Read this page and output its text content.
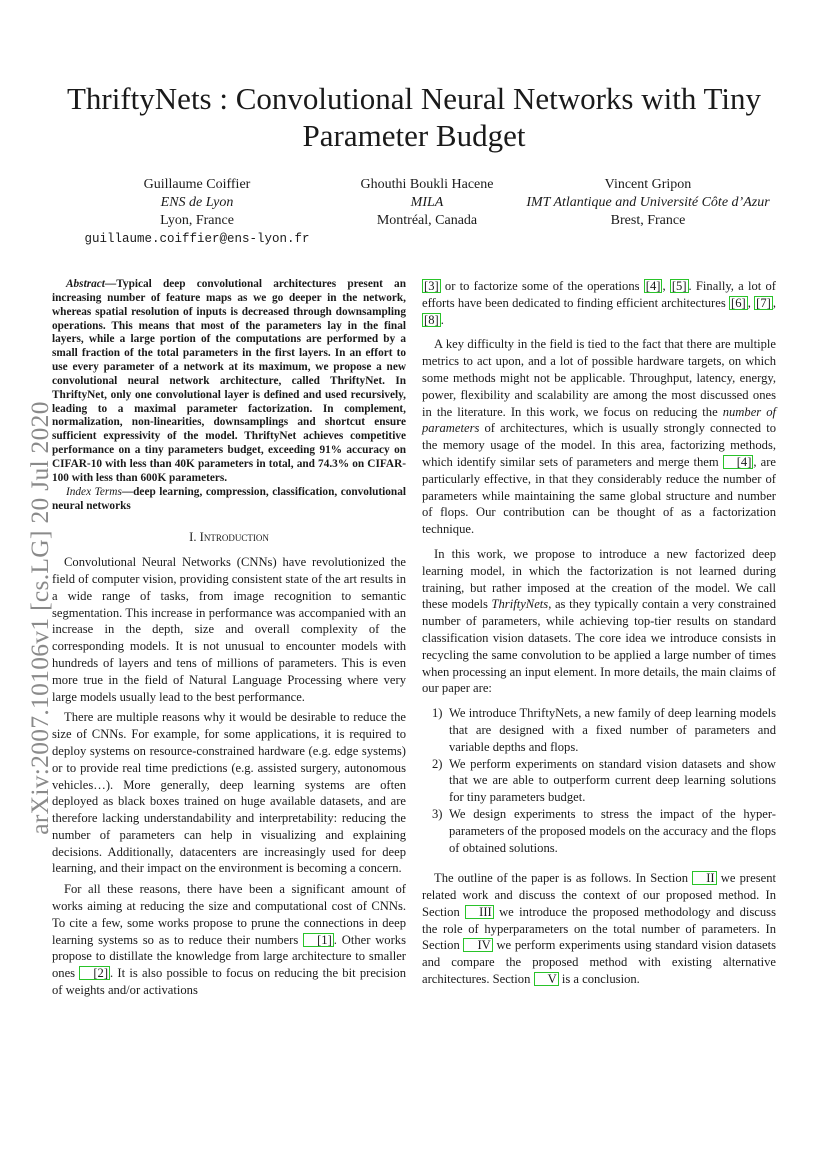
ThriftyNets : Convolutional Neural Networks with Tiny Parameter Budget
Guillaume Coiffier
ENS de Lyon
Lyon, France
guillaume.coiffier@ens-lyon.fr
Ghouthi Boukli Hacene
MILA
Montréal, Canada
Vincent Gripon
IMT Atlantique and Université Côte d’Azur
Brest, France
arXiv:2007.10106v1 [cs.LG] 20 Jul 2020

Abstract—Typical deep convolutional architectures present an increasing number of feature maps as we go deeper in the network, whereas spatial resolution of inputs is decreased through downsampling operations. This means that most of the parameters lay in the final layers, while a large portion of the computations are performed by a small fraction of the total parameters in the first layers. In an effort to use every parameter of a network at its maximum, we propose a new convolutional neural network architecture, called ThriftyNet. In ThriftyNet, only one convolutional layer is defined and used recursively, leading to a maximal parameter factorization. In complement, normalization, non-linearities, downsamplings and shortcut ensure sufficient expressivity of the model. ThriftyNet achieves competitive performance on a tiny parameters budget, exceeding 91% accuracy on CIFAR-10 with less than 40K parameters in total, and 74.3% on CIFAR-100 with less than 600K parameters.

Index Terms—deep learning, compression, classification, convolutional neural networks

I. Introduction

Convolutional Neural Networks (CNNs) have revolutionized the field of computer vision, providing consistent state of the art results in a wide range of tasks, from image recognition to semantic segmentation. This increase in performance was accompanied with an increase in the depth, size and overall complexity of the corresponding models. It is not unusual to encounter models with hundreds of layers and tens of millions of parameters. This is even more true in the field of Natural Language Processing where very large models usually lead to the best performance.

There are multiple reasons why it would be desirable to reduce the size of CNNs. For example, for some applications, it is required to deploy systems on resource-constrained hardware (e.g. edge systems) or to provide real time predictions (e.g. assisted surgery, autonomous vehicles…). More generally, deep learning systems are often deployed as black boxes trained on huge available datasets, and are therefore lacking understandability and interpretability: reducing the number of parameters can help in visualizing and explaining decisions. Additionally, datacenters are increasingly used for deep learning, and their impact on the environment is becoming a concern.

For all these reasons, there have been a significant amount of works aiming at reducing the size and computational cost of CNNs. To cite a few, some works propose to prune the connections in deep learning systems so as to reduce their numbers [1] . Other works propose to distillate the knowledge from large architecture to smaller ones [2] . It is also possible to focus on reducing the bit precision of weights and/or activations

[3] or to factorize some of the operations [4] , [5] . Finally, a lot of efforts have been dedicated to finding efficient architectures [6] , [7] , [8] .

A key difficulty in the field is tied to the fact that there are multiple metrics to act upon, and a lot of possible hardware targets, on which some methods might not be applicable. Throughput, latency, energy, power, flexibility and scalability are among the most discussed ones in the literature. In this work, we focus on reducing the number of parameters of architectures, which is usually strongly connected to the memory usage of the model. In this area, factorizing methods, which identify similar sets of parameters and merge them [4] , are particularly effective, in that they considerably reduce the number of parameters while maintaining the same global structure and number of flops. Our contribution can be thought of as a factorization technique.

In this work, we propose to introduce a new factorized deep learning model, in which the factorization is not learned during training, but rather imposed at the creation of the model. We call these models ThriftyNets, as they typically contain a very constrained number of parameters, while achieving top-tier results on standard classification vision datasets. The core idea we introduce consists in recycling the same convolution to be applied a large number of times when processing an input element. In more details, the main claims of our paper are:

1) We introduce ThriftyNets, a new family of deep learning models that are designed with a fixed number of parameters and variable depths and flops.
2) We perform experiments on standard vision datasets and show that we are able to outperform current deep learning solutions for tiny parameters budget.
3) We design experiments to stress the impact of the hyper-parameters of the proposed models on the accuracy and the flops of obtained solutions.

The outline of the paper is as follows. In Section II we present related work and discuss the context of our proposed method. In Section III we introduce the proposed methodology and discuss the role of hyperparameters on the total number of parameters. In Section IV we perform experiments using standard vision datasets and compare the proposed method with existing alternative architectures. Section V is a conclusion.
